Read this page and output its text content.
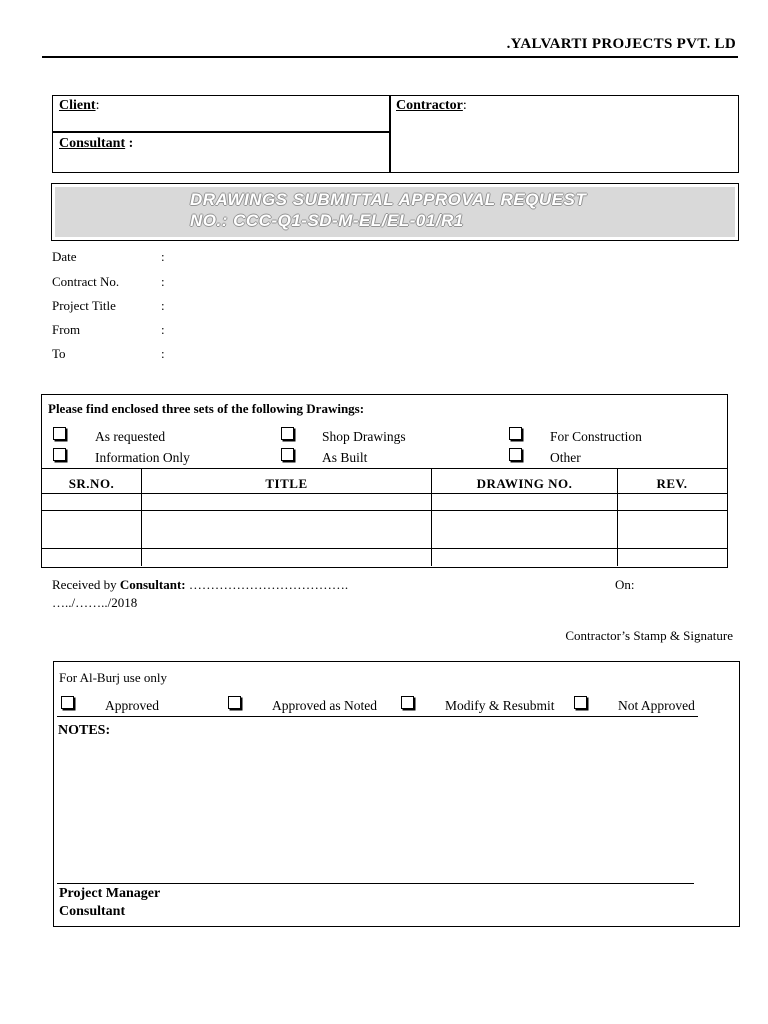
.YALVARTI PROJECTS PVT. LD
Client:
Consultant :
Contractor:
DRAWINGS SUBMITTAL APPROVAL REQUEST
NO.: CCC-Q1-SD-M-EL/EL-01/R1
Date	:
Contract No.	:
Project Title	:
From	:
To	:
Please find enclosed three sets of the following Drawings:
As requested	Shop Drawings	For Construction
Information Only	As Built	Other
SR.NO.	TITLE	DRAWING NO.	REV.
Received by Consultant: ……………………………….	On:
…../……../2018
Contractor’s Stamp & Signature
For Al-Burj use only
Approved	Approved as Noted	Modify & Resubmit	Not Approved
NOTES:
Project Manager
Consultant
